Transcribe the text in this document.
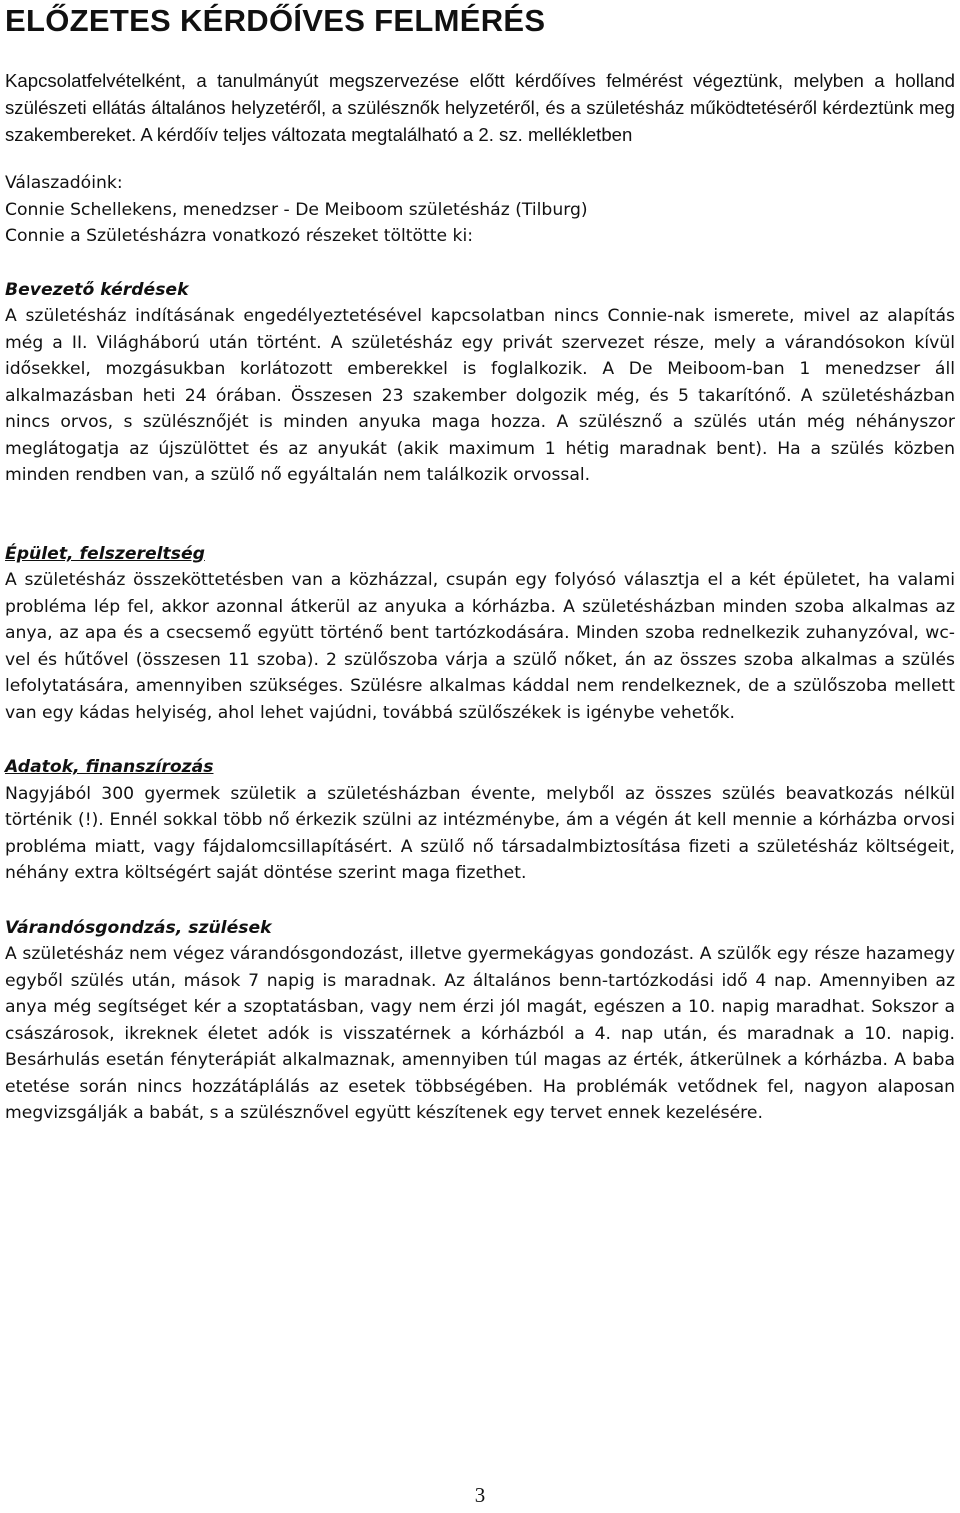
ELŐZETES KÉRDŐÍVES FELMÉRÉS

Kapcsolatfelvételként, a tanulmányút megszervezése előtt kérdőíves felmérést végeztünk, melyben a holland szülészeti ellátás általános helyzetéről, a szülésznők helyzetéről, és a születésház működtetéséről kérdeztünk meg szakembereket. A kérdőív teljes változata megtalálható a 2. sz. mellékletben

Válaszadóink:
Connie Schellekens, menedzser - De Meiboom születésház (Tilburg)
Connie a Születésházra vonatkozó részeket töltötte ki:
Bevezető kérdések
A születésház indításának engedélyeztetésével kapcsolatban nincs Connie-nak ismerete, mivel az alapítás még a II. Világháború után történt. A születésház egy privát szervezet része, mely a várandósokon kívül idősekkel, mozgásukban korlátozott emberekkel is foglalkozik. A De Meiboom-ban 1 menedzser áll alkalmazásban heti 24 órában. Összesen 23 szakember dolgozik még, és 5 takarítónő. A születésházban nincs orvos, s szülésznőjét is minden anyuka maga hozza. A szülésznő a szülés után még néhányszor meglátogatja az újszülöttet és az anyukát (akik maximum 1 hétig maradnak bent). Ha a szülés közben minden rendben van, a szülő nő egyáltalán nem találkozik orvossal.
Épület, felszereltség
A születésház összeköttetésben van a közházzal, csupán egy folyósó választja el a két épületet, ha valami probléma lép fel, akkor azonnal átkerül az anyuka a kórházba. A születésházban minden szoba alkalmas az anya, az apa és a csecsemő együtt történő bent tartózkodására. Minden szoba rednelkezik zuhanyzóval, wc-vel és hűtővel (összesen 11 szoba). 2 szülőszoba várja a szülő nőket, án az összes szoba alkalmas a szülés lefolytatására, amennyiben szükséges. Szülésre alkalmas káddal nem rendelkeznek, de a szülőszoba mellett van egy kádas helyiség, ahol lehet vajúdni, továbbá szülőszékek is igénybe vehetők.
Adatok, finanszírozás
Nagyjából 300 gyermek születik a születésházban évente, melyből az összes szülés beavatkozás nélkül történik (!). Ennél sokkal több nő érkezik szülni az intézménybe, ám a végén át kell mennie a kórházba orvosi probléma miatt, vagy fájdalomcsillapításért. A szülő nő társadalmbiztosítása fizeti a születésház költségeit, néhány extra költségért saját döntése szerint maga fizethet.
Várandósgondzás, szülések
A születésház nem végez várandósgondozást, illetve gyermekágyas gondozást. A szülők egy része hazamegy egyből szülés után, mások 7 napig is maradnak. Az általános benn-tartózkodási idő 4 nap. Amennyiben az anya még segítséget kér a szoptatásban, vagy nem érzi jól magát, egészen a 10. napig maradhat. Sokszor a császárosok, ikreknek életet adók is visszatérnek a kórházból a 4. nap után, és maradnak a 10. napig. Besárhulás esetán fényterápiát alkalmaznak, amennyiben túl magas az érték, átkerülnek a kórházba. A baba etetése során nincs hozzátáplálás az esetek többségében. Ha problémák vetődnek fel, nagyon alaposan megvizsgálják a babát, s a szülésznővel együtt készítenek egy tervet ennek kezelésére.
3
